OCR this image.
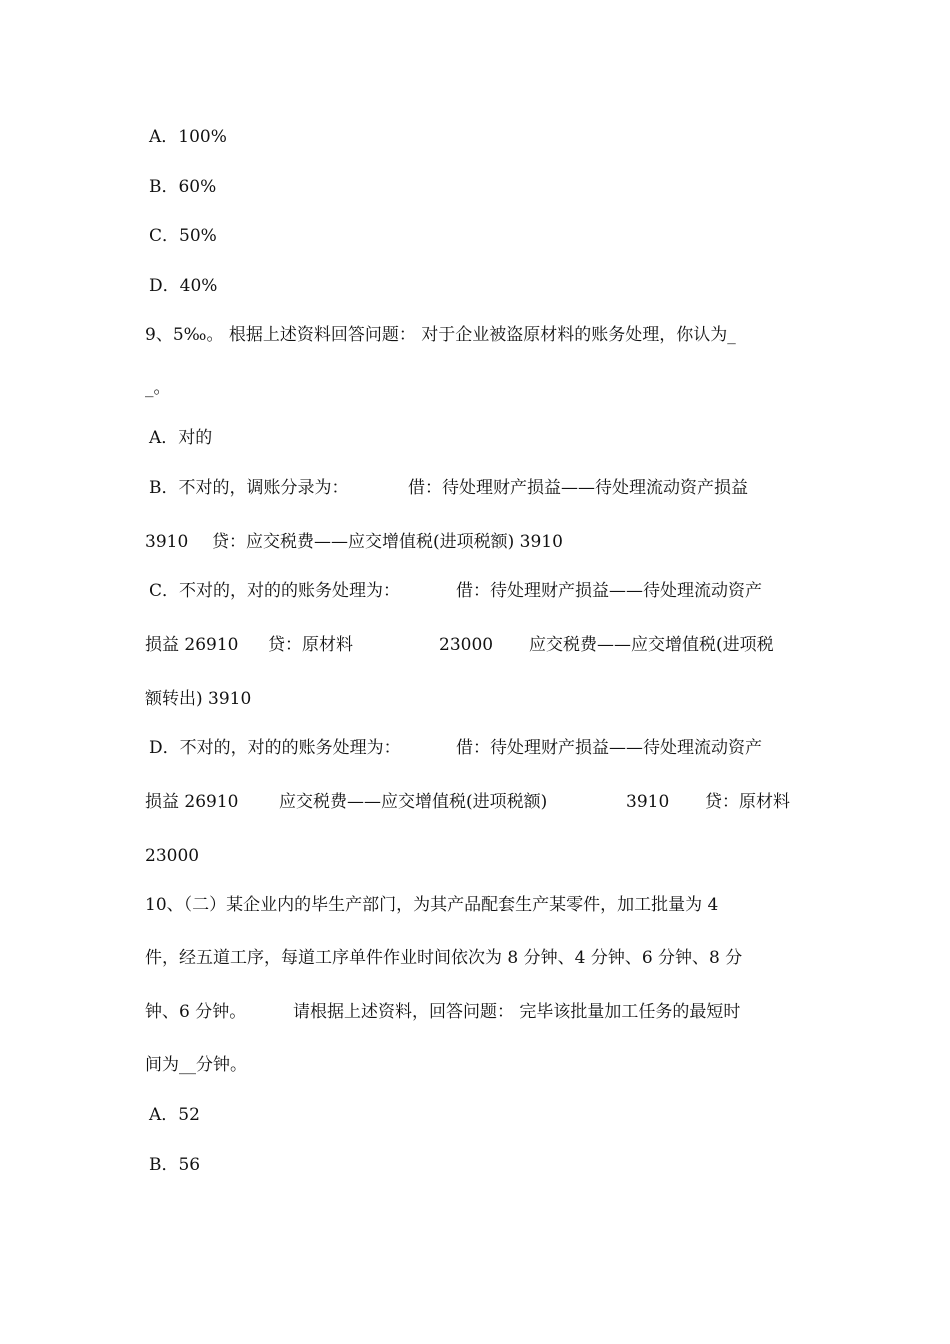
A．100%
B．60%
C．50%
D．40%
9、5‰。 根据上述资料回答问题： 对于企业被盗原材料的账务处理，你认为_
_。
A．对的
B．不对的，调账分录为：	借：待处理财产损益——待处理流动资产损益
3910 贷：应交税费——应交增值税(进项税额) 3910
C．不对的，对的的账务处理为：	借：待处理财产损益——待处理流动资产
损益 26910 贷：原材料	23000 应交税费——应交增值税(进项税
额转出) 3910
D．不对的，对的的账务处理为：	借：待处理财产损益——待处理流动资产
损益 26910 应交税费——应交增值税(进项税额)	3910 贷：原材料
23000
10、（二）某企业内的毕生产部门，为其产品配套生产某零件，加工批量为 4
件，经五道工序，每道工序单件作业时间依次为 8 分钟、4 分钟、6 分钟、8 分
钟、6 分钟。	请根据上述资料，回答问题： 完毕该批量加工任务的最短时
间为__分钟。
A．52
B．56
